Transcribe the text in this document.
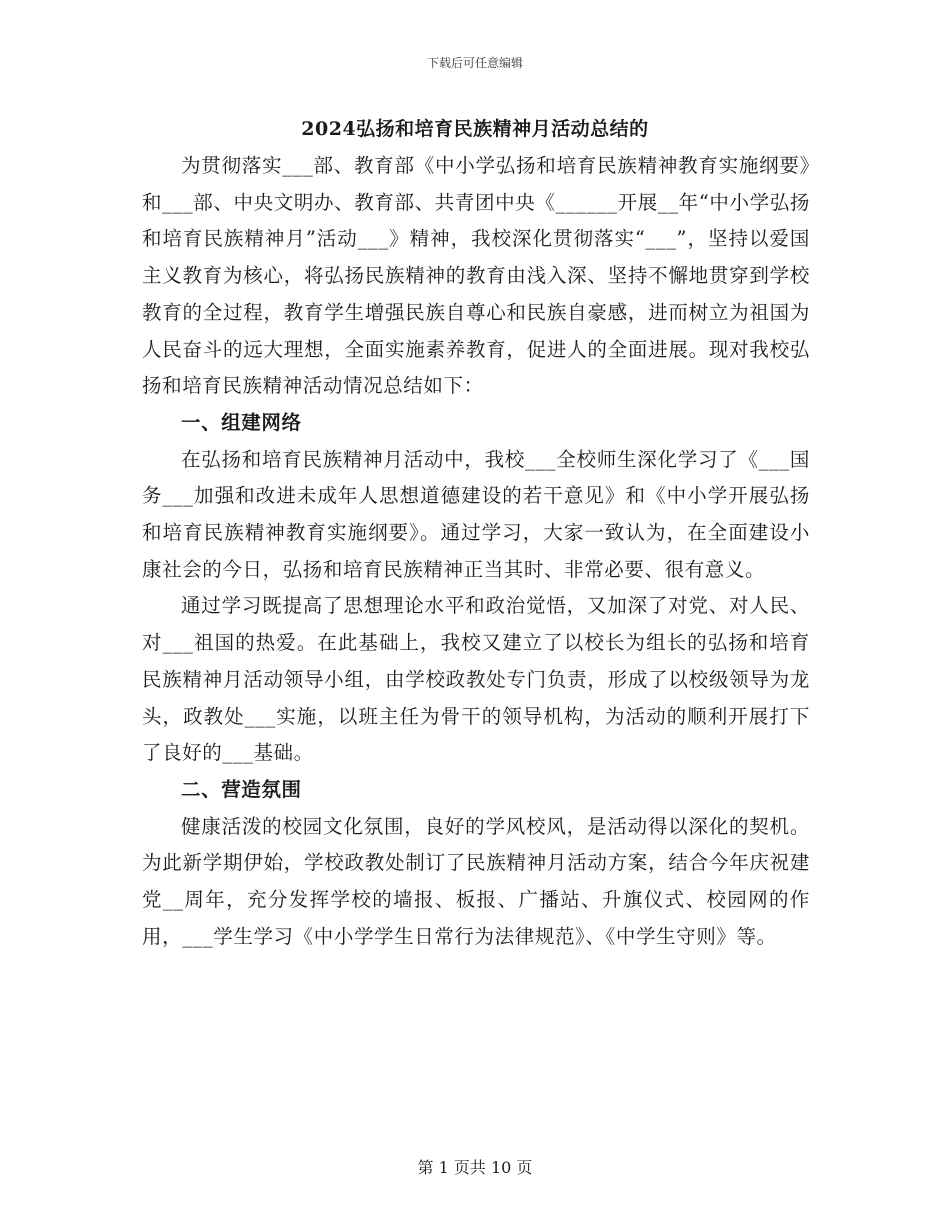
下载后可任意编辑
2024弘扬和培育民族精神月活动总结的

为贯彻落实___部、教育部《中小学弘扬和培育民族精神教育实施纲要》和___部、中央文明办、教育部、共青团中央《______开展__年“中小学弘扬和培育民族精神月”活动___》精神，我校深化贯彻落实“___”，坚持以爱国主义教育为核心，将弘扬民族精神的教育由浅入深、坚持不懈地贯穿到学校教育的全过程，教育学生增强民族自尊心和民族自豪感，进而树立为祖国为人民奋斗的远大理想，全面实施素养教育，促进人的全面进展。现对我校弘扬和培育民族精神活动情况总结如下：

一、组建网络

在弘扬和培育民族精神月活动中，我校___全校师生深化学习了《___国务___加强和改进未成年人思想道德建设的若干意见》和《中小学开展弘扬和培育民族精神教育实施纲要》。通过学习，大家一致认为，在全面建设小康社会的今日，弘扬和培育民族精神正当其时、非常必要、很有意义。

通过学习既提高了思想理论水平和政治觉悟，又加深了对党、对人民、对___祖国的热爱。在此基础上，我校又建立了以校长为组长的弘扬和培育民族精神月活动领导小组，由学校政教处专门负责，形成了以校级领导为龙头，政教处___实施，以班主任为骨干的领导机构，为活动的顺利开展打下了良好的___基础。

二、营造氛围

健康活泼的校园文化氛围，良好的学风校风，是活动得以深化的契机。为此新学期伊始，学校政教处制订了民族精神月活动方案，结合今年庆祝建党__周年，充分发挥学校的墙报、板报、广播站、升旗仪式、校园网的作用，___学生学习《中小学学生日常行为法律规范》、《中学生守则》等。

第 1 页共 10 页
